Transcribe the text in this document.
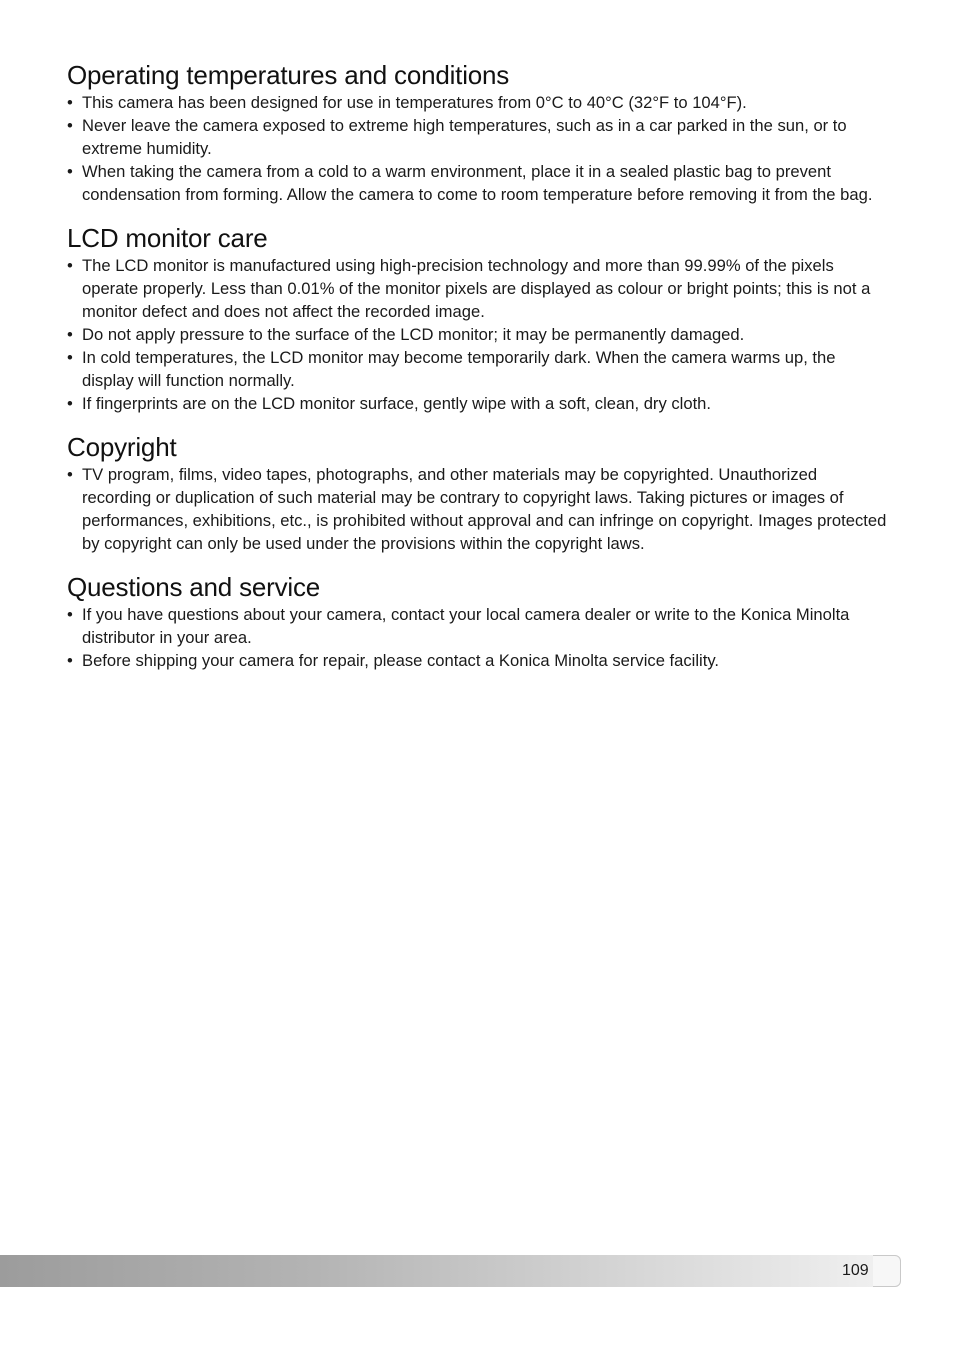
Operating temperatures and conditions
• This camera has been designed for use in temperatures from 0°C to 40°C (32°F to 104°F).
• Never leave the camera exposed to extreme high temperatures, such as in a car parked in the sun, or to extreme humidity.
• When taking the camera from a cold to a warm environment, place it in a sealed plastic bag to prevent condensation from forming. Allow the camera to come to room temperature before removing it from the bag.
LCD monitor care
• The LCD monitor is manufactured using high-precision technology and more than 99.99% of the pixels operate properly. Less than 0.01% of the monitor pixels are displayed as colour or bright points; this is not a monitor defect and does not affect the recorded image.
• Do not apply pressure to the surface of the LCD monitor; it may be permanently damaged.
• In cold temperatures, the LCD monitor may become temporarily dark. When the camera warms up, the display will function normally.
• If fingerprints are on the LCD monitor surface, gently wipe with a soft, clean, dry cloth.
Copyright
• TV program, films, video tapes, photographs, and other materials may be copyrighted. Unauthorized recording or duplication of such material may be contrary to copyright laws. Taking pictures or images of performances, exhibitions, etc., is prohibited without approval and can infringe on copyright. Images protected by copyright can only be used under the provisions within the copyright laws.
Questions and service
• If you have questions about your camera, contact your local camera dealer or write to the Konica Minolta distributor in your area.
• Before shipping your camera for repair, please contact a Konica Minolta service facility.
109
